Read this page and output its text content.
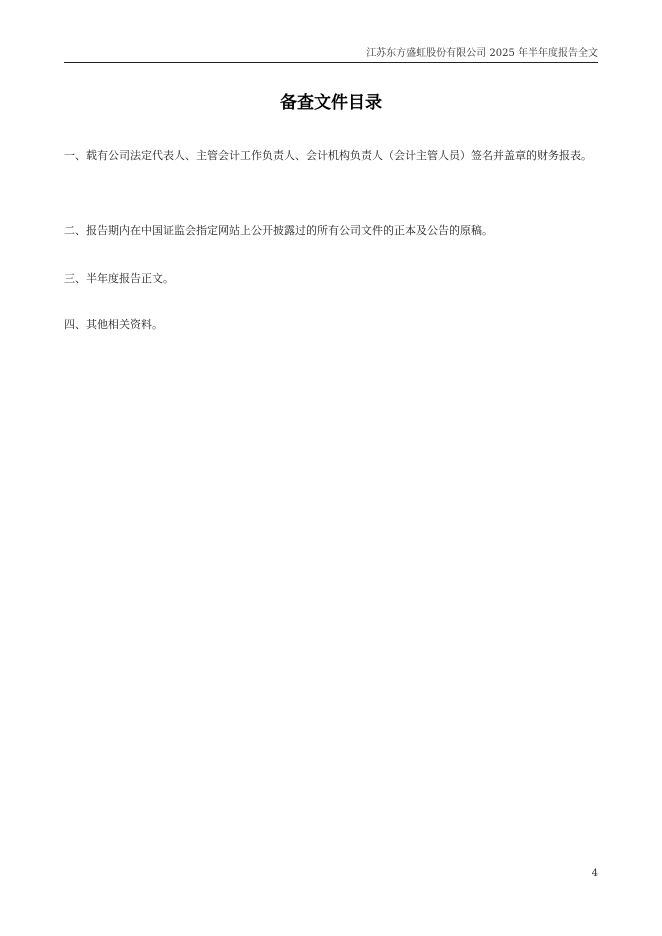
江苏东方盛虹股份有限公司 2025 年半年度报告全文
备查文件目录
一、载有公司法定代表人、主管会计工作负责人、会计机构负责人（会计主管人员）签名并盖章的财务报表。
二、报告期内在中国证监会指定网站上公开披露过的所有公司文件的正本及公告的原稿。
三、半年度报告正文。
四、其他相关资料。
4
